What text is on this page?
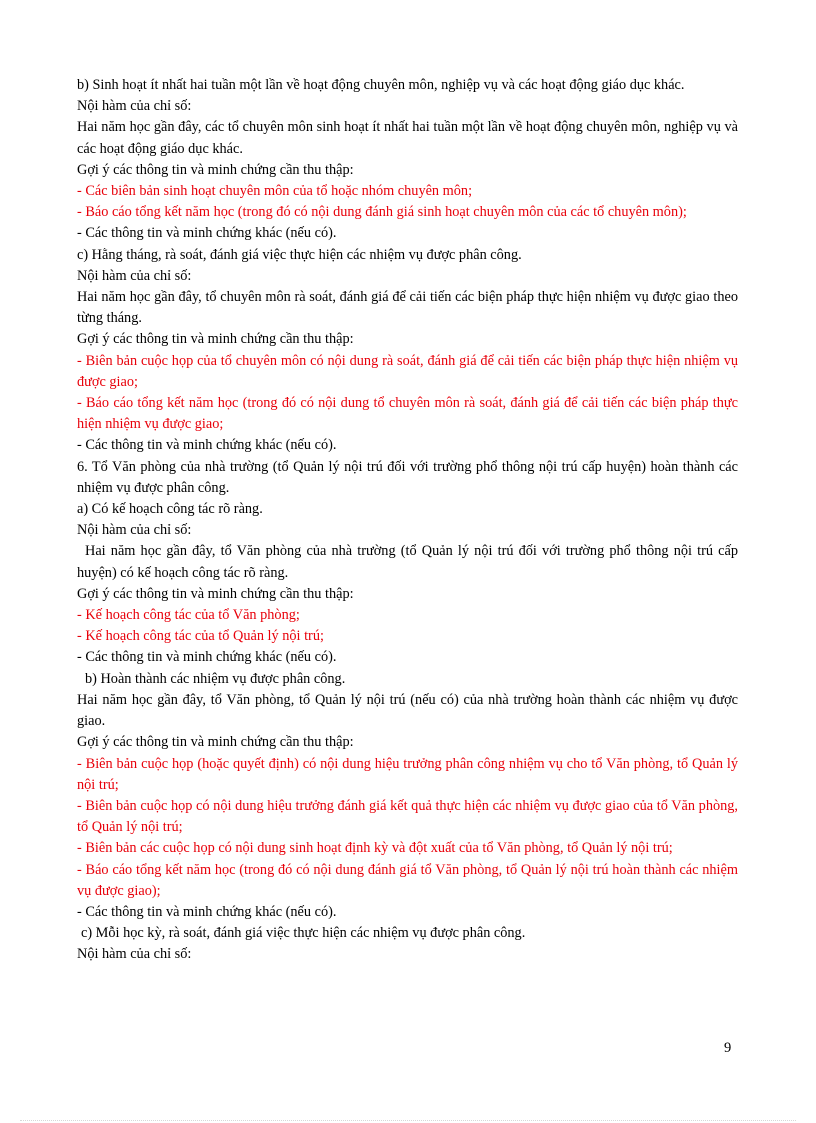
b) Sinh hoạt ít nhất hai tuần một lần về hoạt động chuyên môn, nghiệp vụ và các hoạt động giáo dục khác.

Nội hàm của chỉ số:

Hai năm học gần đây, các tổ chuyên môn sinh hoạt ít nhất hai tuần một lần về hoạt động chuyên môn, nghiệp vụ và các hoạt động giáo dục khác.

Gợi ý các thông tin và minh chứng cần thu thập:

- Các biên bản sinh hoạt chuyên môn của tổ hoặc nhóm chuyên môn;

- Báo cáo tổng kết năm học (trong đó có nội dung đánh giá sinh hoạt chuyên môn của các tổ chuyên môn);

- Các thông tin và minh chứng khác (nếu có).

c) Hằng tháng, rà soát, đánh giá việc thực hiện các nhiệm vụ được phân công.

Nội hàm của chỉ số:

Hai năm học gần đây, tổ chuyên môn rà soát, đánh giá để cải tiến các biện pháp thực hiện nhiệm vụ được giao theo từng tháng.

Gợi ý các thông tin và minh chứng cần thu thập:

- Biên bản cuộc họp của tổ chuyên môn có nội dung rà soát, đánh giá để cải tiến các biện pháp thực hiện nhiệm vụ được giao;

- Báo cáo tổng kết năm học (trong đó có nội dung tổ chuyên môn rà soát, đánh giá để cải tiến các biện pháp thực hiện nhiệm vụ được giao;

- Các thông tin và minh chứng khác (nếu có).

6. Tổ Văn phòng của nhà trường (tổ Quản lý nội trú đối với trường phổ thông nội trú cấp huyện) hoàn thành các nhiệm vụ được phân công.

a) Có kế hoạch công tác rõ ràng.

Nội hàm của chỉ số:

Hai năm học gần đây, tổ Văn phòng của nhà trường (tổ Quản lý nội trú đối với trường phổ thông nội trú cấp huyện) có kế hoạch công tác rõ ràng.

Gợi ý các thông tin và minh chứng cần thu thập:

- Kế hoạch công tác của tổ Văn phòng;

- Kế hoạch công tác của tổ Quản lý nội trú;

- Các thông tin và minh chứng khác (nếu có).

b) Hoàn thành các nhiệm vụ được phân công.

Hai năm học gần đây, tổ Văn phòng, tổ Quản lý nội trú (nếu có) của nhà trường hoàn thành các nhiệm vụ được giao.

Gợi ý các thông tin và minh chứng cần thu thập:

- Biên bản cuộc họp (hoặc quyết định) có nội dung hiệu trưởng phân công nhiệm vụ cho tổ Văn phòng, tổ Quản lý nội trú;

- Biên bản cuộc họp có nội dung hiệu trưởng đánh giá kết quả thực hiện các nhiệm vụ được giao của tổ Văn phòng, tổ Quản lý nội trú;

- Biên bản các cuộc họp có nội dung sinh hoạt định kỳ và đột xuất của tổ Văn phòng, tổ Quản lý nội trú;

- Báo cáo tổng kết năm học (trong đó có nội dung đánh giá tổ Văn phòng, tổ Quản lý nội trú hoàn thành các nhiệm vụ được giao);

- Các thông tin và minh chứng khác (nếu có).

c) Mỗi học kỳ, rà soát, đánh giá việc thực hiện các nhiệm vụ được phân công.

Nội hàm của chỉ số:

9
